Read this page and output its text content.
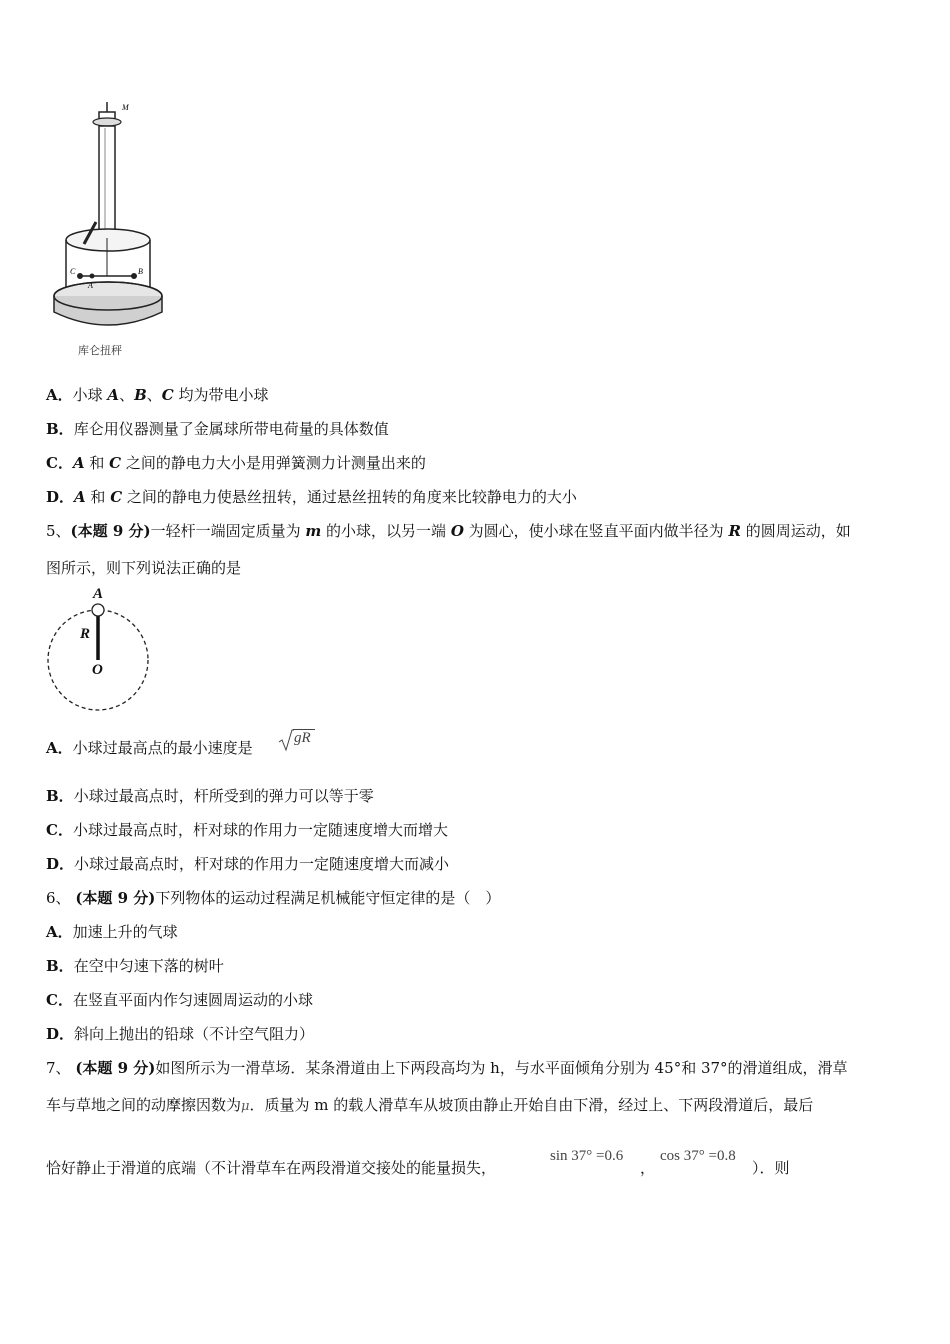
M
C
A
B
库仑扭秤
A．小球 A、B、C 均为带电小球
B．库仑用仪器测量了金属球所带电荷量的具体数值
C．A 和 C 之间的静电力大小是用弹簧测力计测量出来的
D．A 和 C 之间的静电力使悬丝扭转，通过悬丝扭转的角度来比较静电力的大小
5、(本题 9 分)一轻杆一端固定质量为 m 的小球，以另一端 O 为圆心，使小球在竖直平面内做半径为 R 的圆周运动，如
图所示，则下列说法正确的是
A
R
O
A．小球过最高点的最小速度是
gR
B．小球过最高点时，杆所受到的弹力可以等于零
C．小球过最高点时，杆对球的作用力一定随速度增大而增大
D．小球过最高点时，杆对球的作用力一定随速度增大而减小
6、 (本题 9 分)下列物体的运动过程满足机械能守恒定律的是（　）
A．加速上升的气球
B．在空中匀速下落的树叶
C．在竖直平面内作匀速圆周运动的小球
D．斜向上抛出的铅球（不计空气阻力）
7、 (本题 9 分)如图所示为一滑草场．某条滑道由上下两段高均为 h，与水平面倾角分别为 45°和 37°的滑道组成，滑草
车与草地之间的动摩擦因数为μ．质量为 m 的载人滑草车从坡顶由静止开始自由下滑，经过上、下两段滑道后，最后
恰好静止于滑道的底端（不计滑草车在两段滑道交接处的能量损失，
sin 37° =0.6
，
cos 37° =0.8
）．则
